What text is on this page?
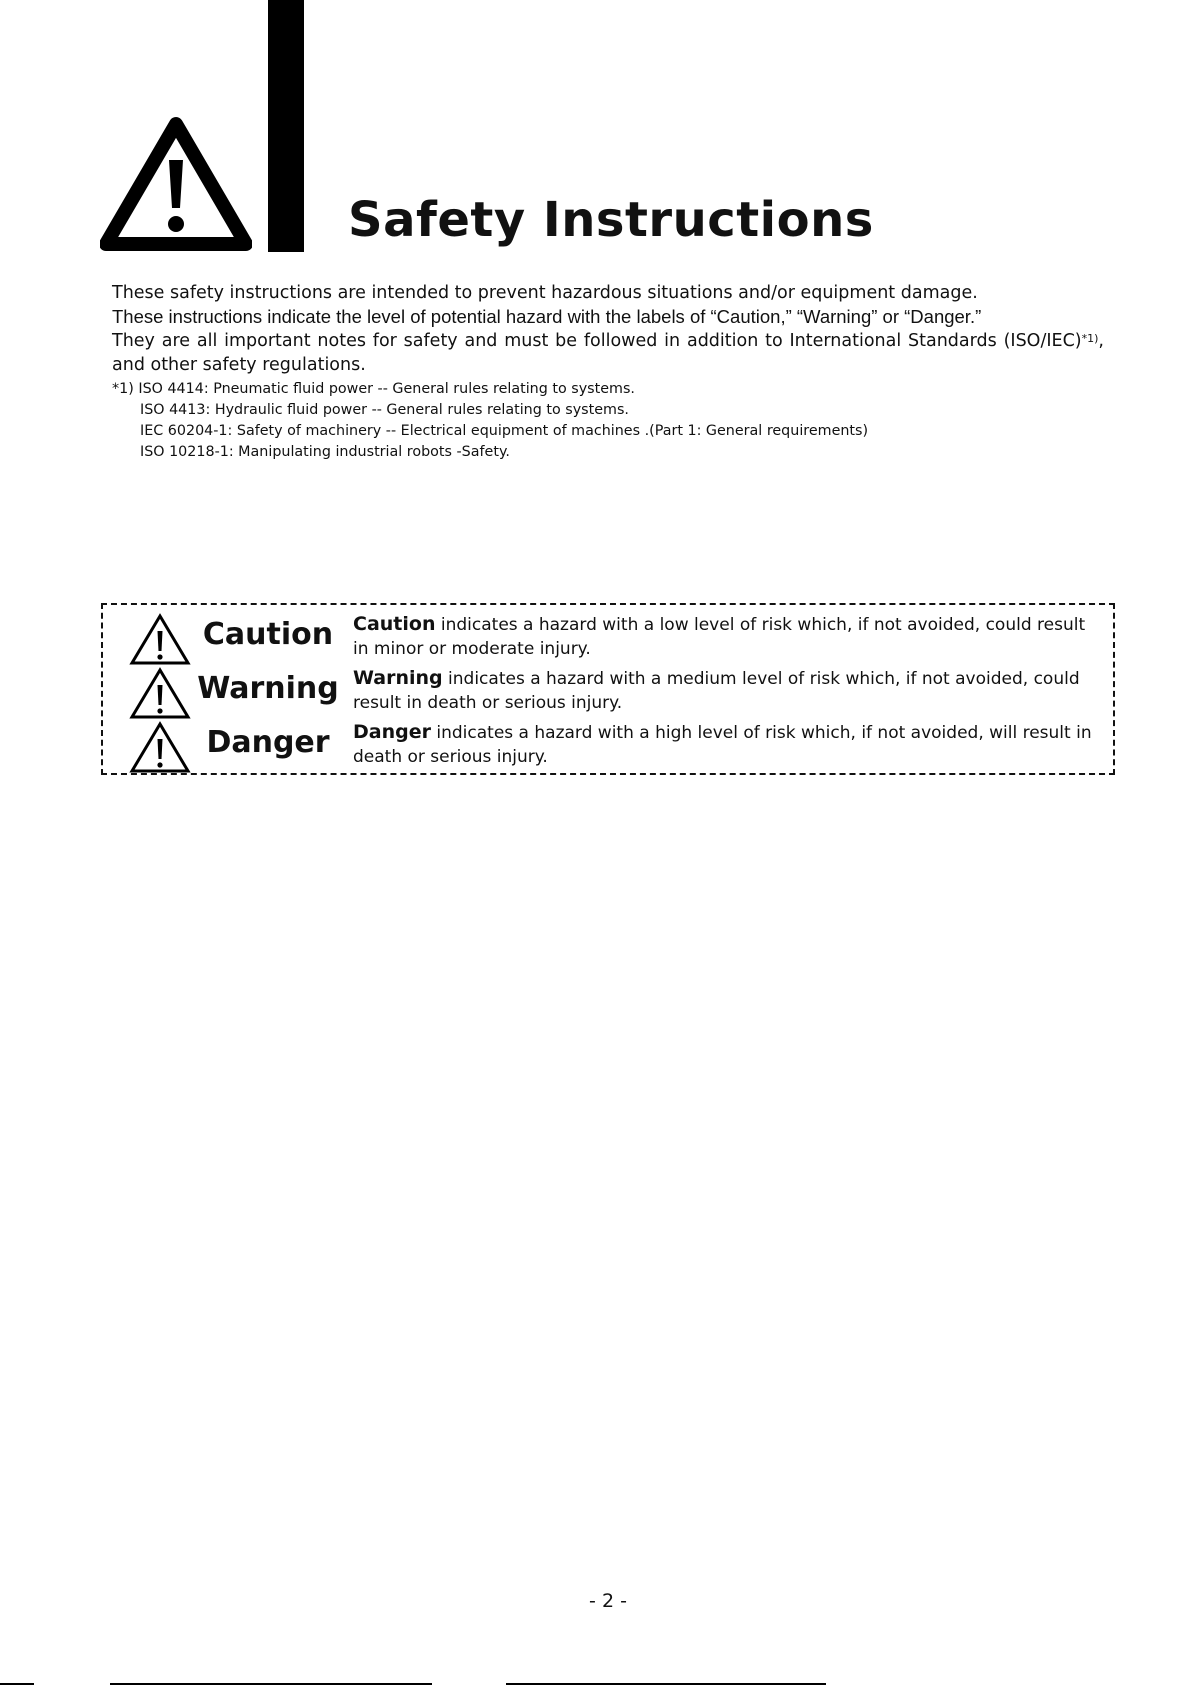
Safety Instructions
These safety instructions are intended to prevent hazardous situations and/or equipment damage.
These instructions indicate the level of potential hazard with the labels of “Caution,” “Warning” or “Danger.”
They are all important notes for safety and must be followed in addition to International Standards $(ISO/IEC)^{*1)}$, and other safety regulations.
*1) ISO 4414: Pneumatic fluid power -- General rules relating to systems.
ISO 4413: Hydraulic fluid power -- General rules relating to systems.
IEC 60204-1: Safety of machinery -- Electrical equipment of machines .(Part 1: General requirements)
ISO 10218-1: Manipulating industrial robots -Safety.
Caution	Caution indicates a hazard with a low level of risk which, if not avoided, could result in minor or moderate injury.
Warning Warning indicates a hazard with a medium level of risk which, if not avoided, could result in death or serious injury.
Danger	Danger indicates a hazard with a high level of risk which, if not avoided, will result in death or serious injury.
- 2 -
